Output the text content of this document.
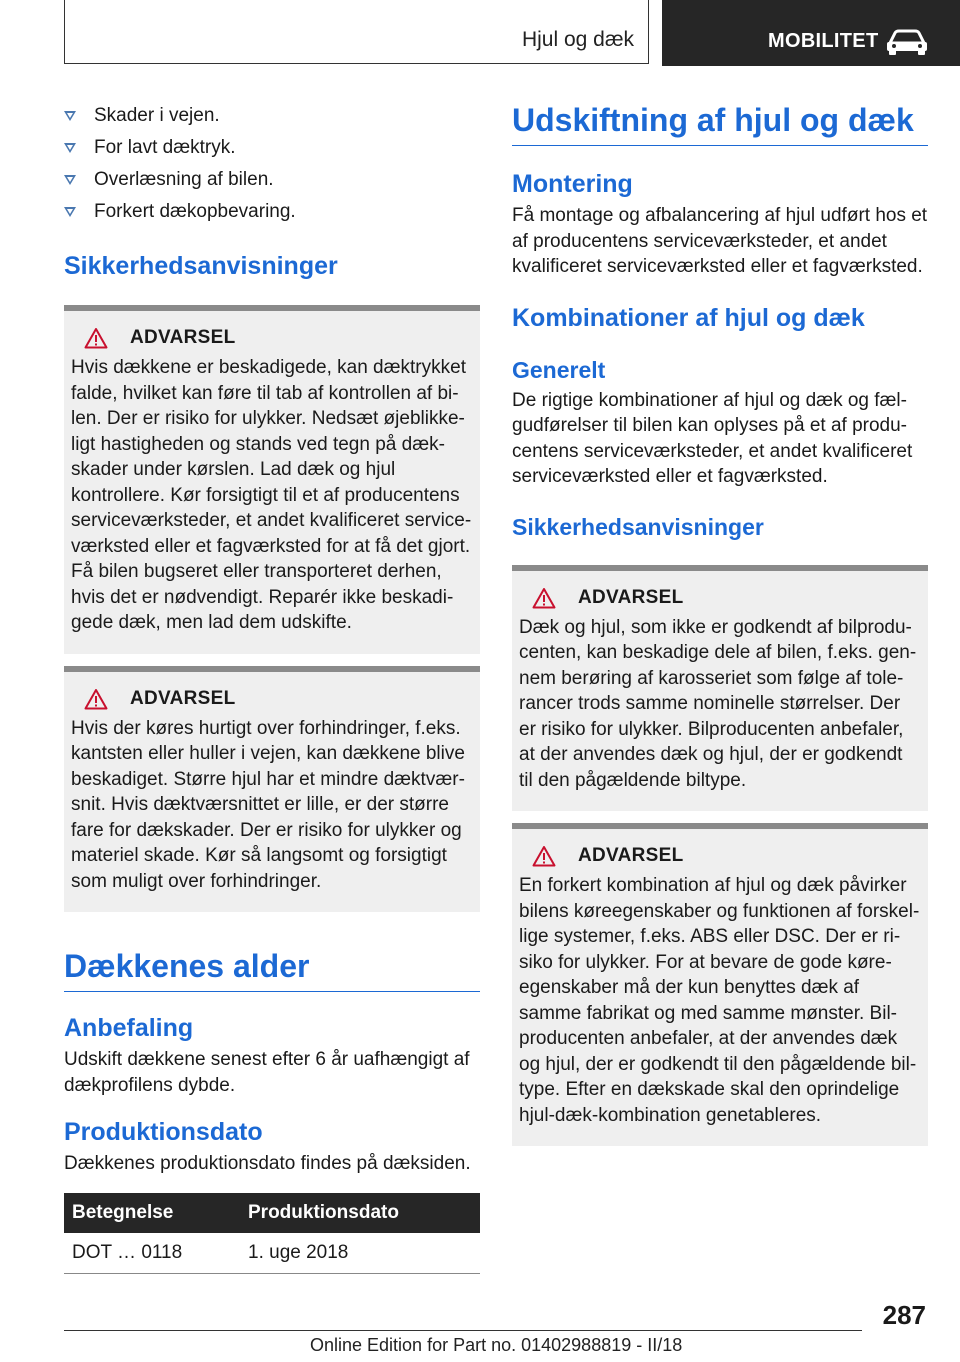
Hjul og dæk	MOBILITET
Skader i vejen.
For lavt dæktryk.
Overlæsning af bilen.
Forkert dækopbevaring.
Sikkerhedsanvisninger
ADVARSEL
Hvis dækkene er beskadigede, kan dæktrykket falde, hvilket kan føre til tab af kontrollen af bilen. Der er risiko for ulykker. Nedsæt øjeblikkeligt hastigheden og stands ved tegn på dækskader under kørslen. Lad dæk og hjul kontrollere. Kør forsigtigt til et af producentens serviceværksteder, et andet kvalificeret serviceværksted eller et fagværksted for at få det gjort. Få bilen bugseret eller transporteret derhen, hvis det er nødvendigt. Reparér ikke beskadigede dæk, men lad dem udskifte.
ADVARSEL
Hvis der køres hurtigt over forhindringer, f.eks. kantsten eller huller i vejen, kan dækkene blive beskadiget. Større hjul har et mindre dæktværsnit. Hvis dæktværsnittet er lille, er der større fare for dækskader. Der er risiko for ulykker og materiel skade. Kør så langsomt og forsigtigt som muligt over forhindringer.
Dækkenes alder
Anbefaling

Udskift dækkene senest efter 6 år uafhængigt af dækprofilens dybde.

Produktionsdato

Dækkenes produktionsdato findes på dæksiden.

Betegnelse	Produktionsdato
DOT … 0118	1. uge 2018
Udskiftning af hjul og dæk
Montering

Få montage og afbalancering af hjul udført hos et af producentens serviceværksteder, et andet kvalificeret serviceværksted eller et fagværksted.

Kombinationer af hjul og dæk
Generelt

De rigtige kombinationer af hjul og dæk og fælgudførelser til bilen kan oplyses på et af producentens serviceværksteder, et andet kvalificeret serviceværksted eller et fagværksted.

Sikkerhedsanvisninger
ADVARSEL
Dæk og hjul, som ikke er godkendt af bilproducenten, kan beskadige dele af bilen, f.eks. gennem berøring af karosseriet som følge af tolerancer trods samme nominelle størrelser. Der er risiko for ulykker. Bilproducenten anbefaler, at der anvendes dæk og hjul, der er godkendt til den pågældende biltype.
ADVARSEL
En forkert kombination af hjul og dæk påvirker bilens køreegenskaber og funktionen af forskellige systemer, f.eks. ABS eller DSC. Der er risiko for ulykker. For at bevare de gode køreegenskaber må der kun benyttes dæk af samme fabrikat og med samme mønster. Bilproducenten anbefaler, at der anvendes dæk og hjul, der er godkendt til den pågældende biltype. Efter en dækskade skal den oprindelige hjul-dæk-kombination genetableres.
287
Online Edition for Part no. 01402988819 - II/18
